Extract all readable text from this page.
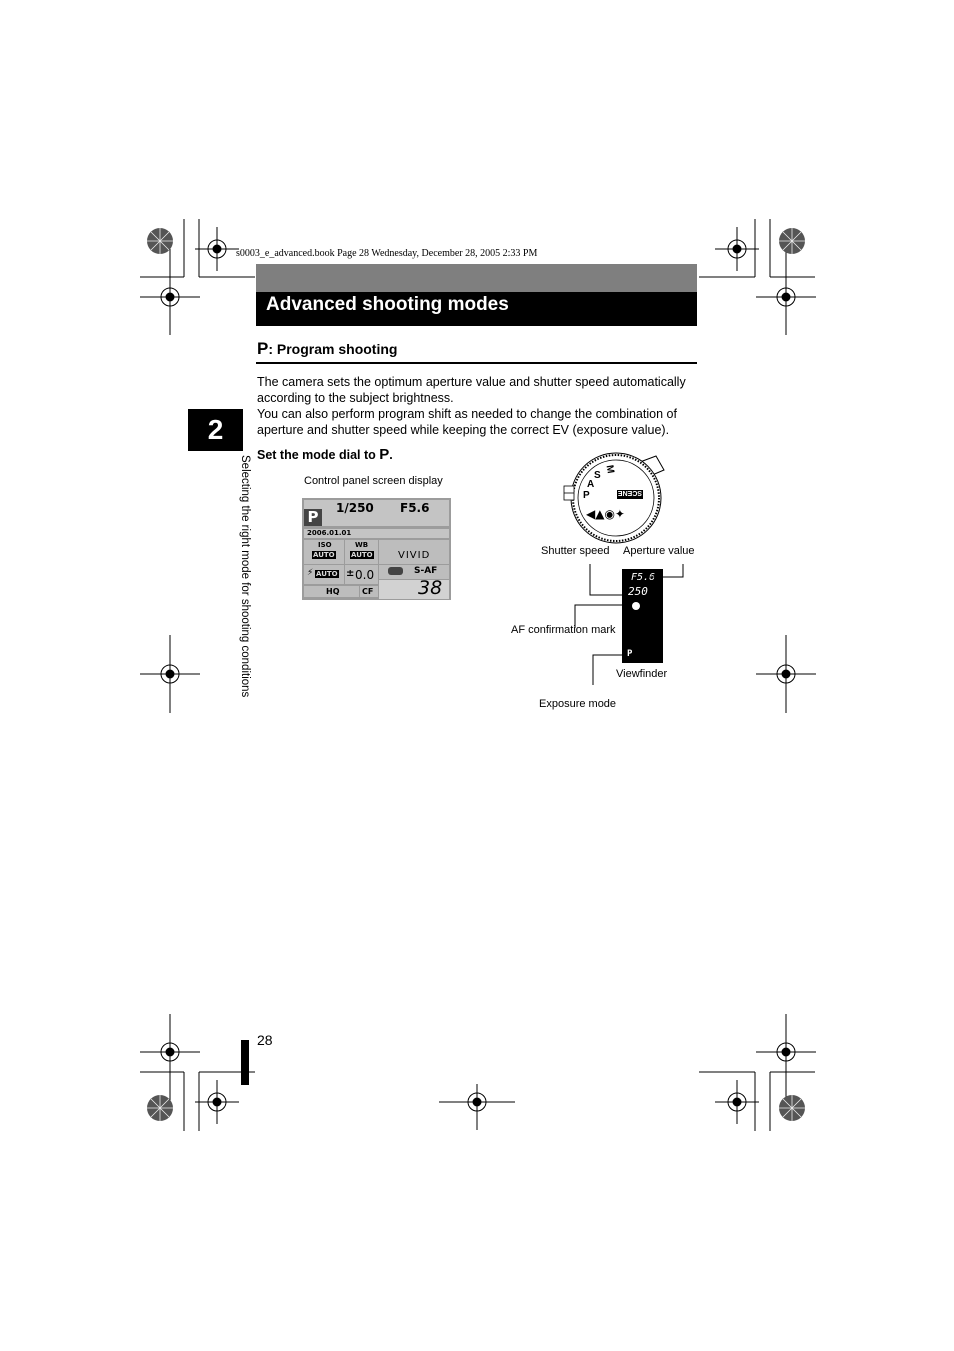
s0003_e_advanced.book Page 28 Wednesday, December 28, 2005 2:33 PM
Advanced shooting modes
P: Program shooting
The camera sets the optimum aperture value and shutter speed automatically
according to the subject brightness.
You can also perform program shift as needed to change the combination of
aperture and shutter speed while keeping the correct EV (exposure value).
2
Selecting the right mode for shooting conditions Set the mode dial to P.
Control panel screen display
P 1/250 F5.6
2006.01.01
ISO
AUTO
WB
AUTO	VIVID
⚡ AUTO ± 0.0	S-AF
HQ	CF 38
M
S
A
P	SCENE
◀▲◉✦
F5.6
250
P
Shutter speed Aperture value
AF confirmation mark
Viewfinder
Exposure mode
28
